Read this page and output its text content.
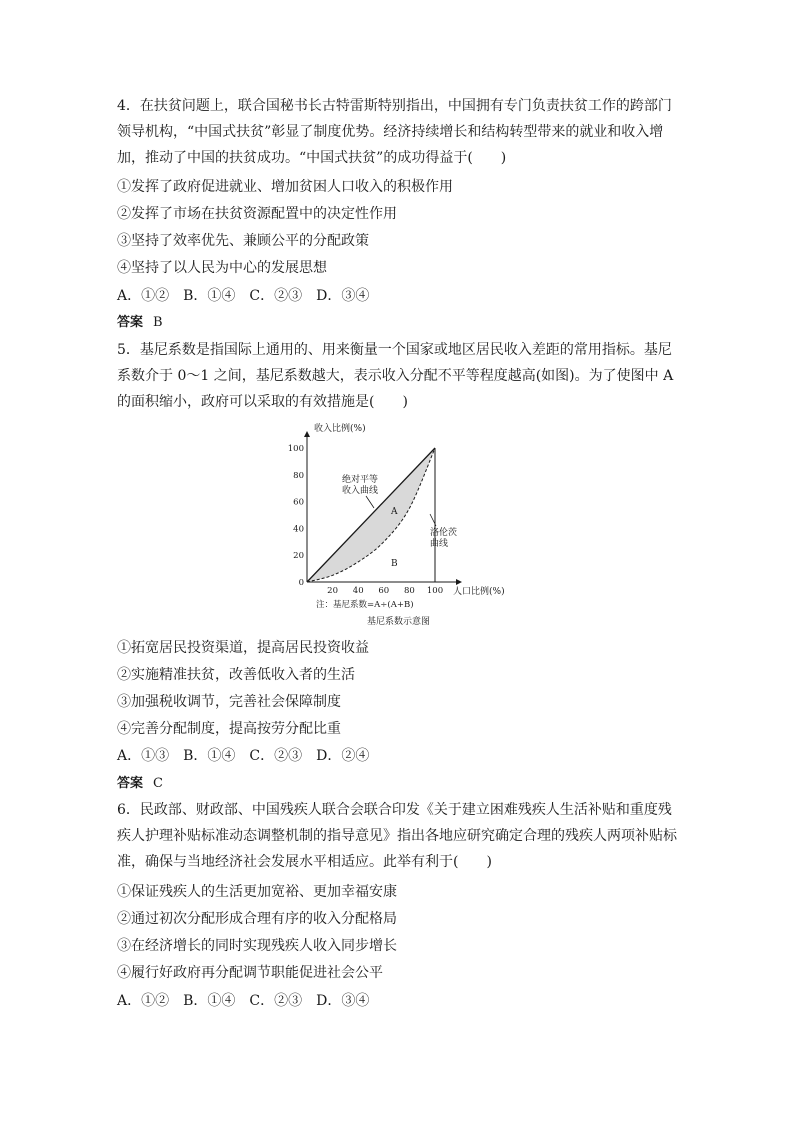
4．在扶贫问题上，联合国秘书长古特雷斯特别指出，中国拥有专门负责扶贫工作的跨部门领导机构，“中国式扶贫”彰显了制度优势。经济持续增长和结构转型带来的就业和收入增加，推动了中国的扶贫成功。“中国式扶贫”的成功得益于(　　)

①发挥了政府促进就业、增加贫困人口收入的积极作用
②发挥了市场在扶贫资源配置中的决定性作用
③坚持了效率优先、兼顾公平的分配政策
④坚持了以人民为中心的发展思想
A．①②　B．①④　C．②③　D．③④
答案 B

5．基尼系数是指国际上通用的、用来衡量一个国家或地区居民收入差距的常用指标。基尼系数介于 0～1 之间，基尼系数越大，表示收入分配不平等程度越高(如图)。为了使图中 A 的面积缩小，政府可以采取的有效措施是(　　)

0
20
40
60
80
100
20 40 60 80 100
收入比例(%)
人口比例(%)
绝对平等
收入曲线
A
洛伦茨
曲线
B
注：基尼系数=A÷(A+B)
基尼系数示意图
①拓宽居民投资渠道，提高居民投资收益
②实施精准扶贫，改善低收入者的生活
③加强税收调节，完善社会保障制度
④完善分配制度，提高按劳分配比重
A．①③　B．①④　C．②③　D．②④
答案 C

6．民政部、财政部、中国残疾人联合会联合印发《关于建立困难残疾人生活补贴和重度残疾人护理补贴标准动态调整机制的指导意见》指出各地应研究确定合理的残疾人两项补贴标准，确保与当地经济社会发展水平相适应。此举有利于(　　)

①保证残疾人的生活更加宽裕、更加幸福安康
②通过初次分配形成合理有序的收入分配格局
③在经济增长的同时实现残疾人收入同步增长
④履行好政府再分配调节职能促进社会公平
A．①②　B．①④　C．②③　D．③④
